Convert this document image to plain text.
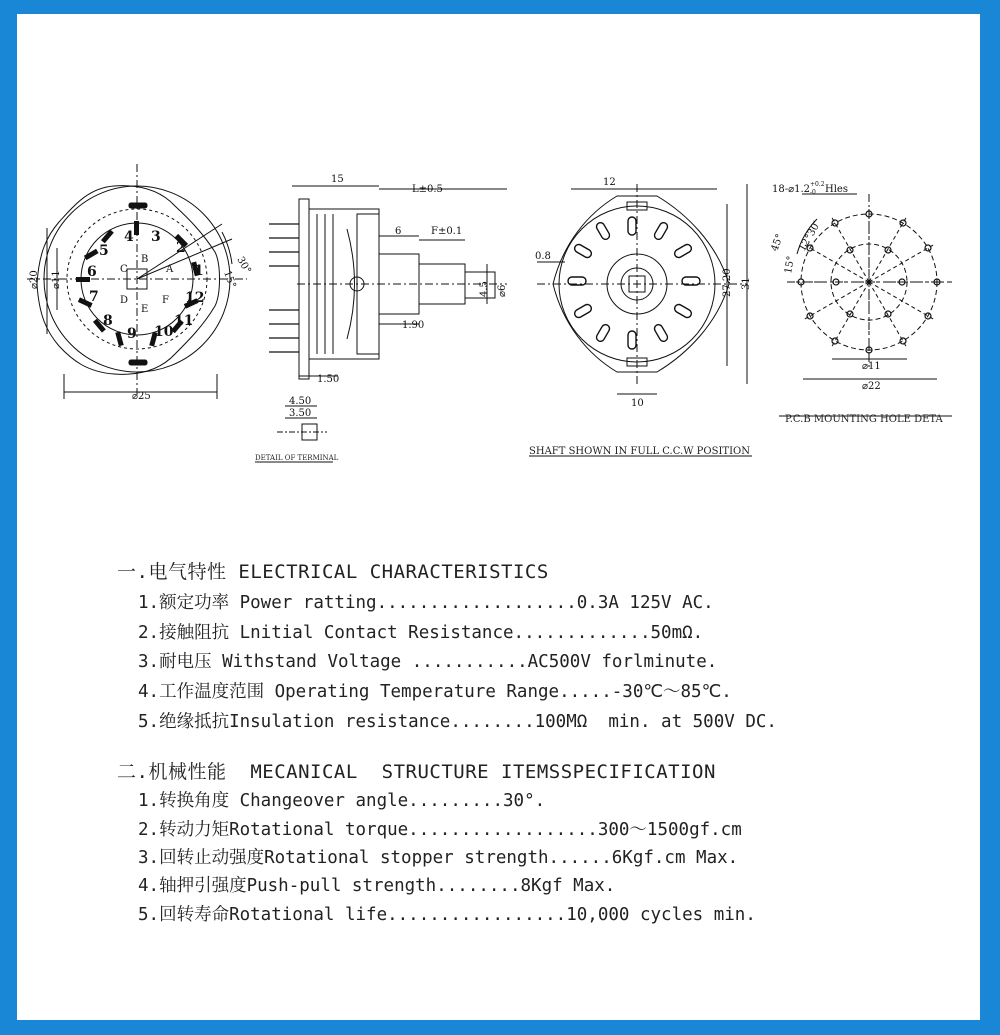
1
2
3
4
5
6
7
8
9 10
11
12
A
B
C
D
E
F
⌀20 ⌀11
⌀25
30°
15°
15
L±0.5
6	F±0.1
4.5 ⌀6
1.90
1.50
4.50
3.50
DETAIL OF TERMINAL
12
0.8
27.20 31
10
SHAFT SHOWN IN FULL C.C.W POSITION
18-⌀1.2 +0.2
-0 Hles
45° 12°30′
15°
⌀11
⌀22
P.C.B MOUNTING HOLE DETA
一.电气特性 ELECTRICAL CHARACTERISTICS
1.额定功率 Power ratting...................0.3A 125V AC.
2.接触阻抗 Lnitial Contact Resistance.............50mΩ.
3.耐电压 Withstand Voltage ...........AC500V forlminute.
4.工作温度范围 Operating Temperature Range.....-30℃～85℃.
5.绝缘抵抗Insulation resistance........100MΩ  min. at 500V DC.
二.机械性能  MECANICAL  STRUCTURE ITEMSSPECIFICATION
1.转换角度 Changeover angle.........30°.
2.转动力矩Rotational torque..................300～1500gf.cm
3.回转止动强度Rotational stopper strength......6Kgf.cm Max.
4.轴押引强度Push-pull strength........8Kgf Max.
5.回转寿命Rotational life.................10,000 cycles min.
